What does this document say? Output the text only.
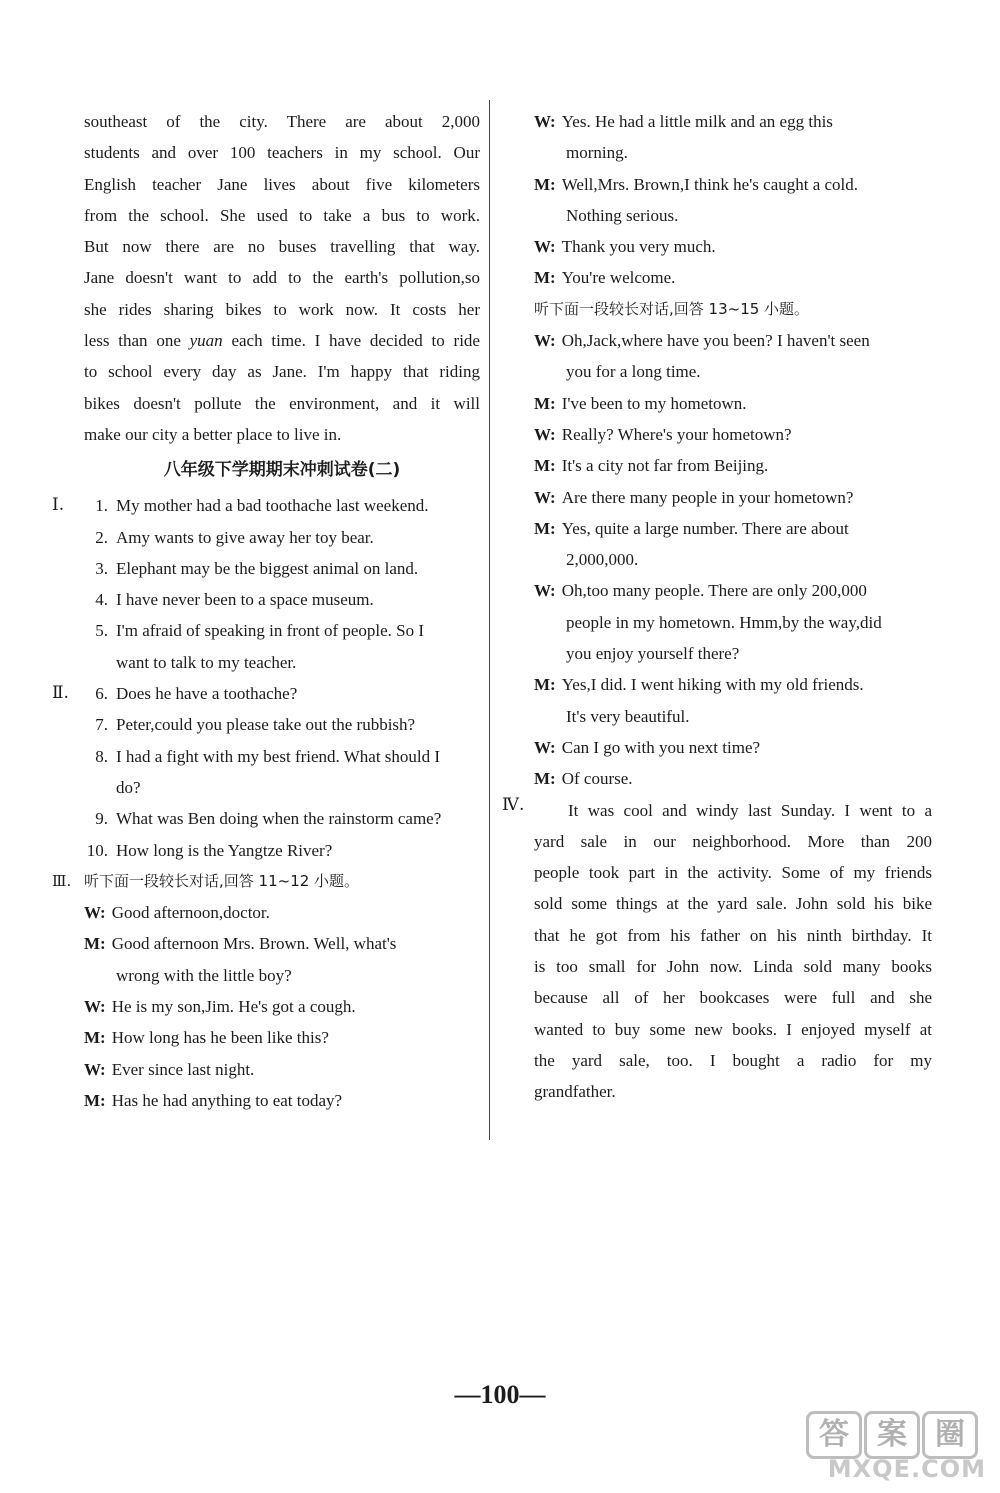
southeast of the city. There are about 2,000
students and over 100 teachers in my school. Our
English teacher Jane lives about five kilometers
from the school. She used to take a bus to work.
But now there are no buses travelling that way.
Jane doesn't want to add to the earth's pollution,so
she rides sharing bikes to work now. It costs her
less than one yuan each time. I have decided to ride
to school every day as Jane. I'm happy that riding
bikes doesn't pollute the environment, and it will
make our city a better place to live in.
八年级下学期期末冲刺试卷(二)
Ⅰ. 1. My mother had a bad toothache last weekend.
2. Amy wants to give away her toy bear.
3. Elephant may be the biggest animal on land.
4. I have never been to a space museum.
5. I'm afraid of speaking in front of people. So I
want to talk to my teacher.
Ⅱ. 6. Does he have a toothache?
7. Peter,could you please take out the rubbish?
8. I had a fight with my best friend. What should I
do?
9. What was Ben doing when the rainstorm came?
10. How long is the Yangtze River?
Ⅲ. 听下面一段较长对话,回答 11~12 小题。
W: Good afternoon,doctor.
M: Good afternoon Mrs. Brown. Well, what's
wrong with the little boy?
W: He is my son,Jim. He's got a cough.
M: How long has he been like this?
W: Ever since last night.
M: Has he had anything to eat today?
W: Yes. He had a little milk and an egg this
morning.
M: Well,Mrs. Brown,I think he's caught a cold.
Nothing serious.
W: Thank you very much.
M: You're welcome.
听下面一段较长对话,回答 13~15 小题。
W: Oh,Jack,where have you been? I haven't seen
you for a long time.
M: I've been to my hometown.
W: Really? Where's your hometown?
M: It's a city not far from Beijing.
W: Are there many people in your hometown?
M: Yes, quite a large number. There are about
2,000,000.
W: Oh,too many people. There are only 200,000
people in my hometown. Hmm,by the way,did
you enjoy yourself there?
M: Yes,I did. I went hiking with my old friends.
It's very beautiful.
W: Can I go with you next time?
M: Of course.
Ⅳ.	It was cool and windy last Sunday. I went to a
yard sale in our neighborhood. More than 200
people took part in the activity. Some of my friends
sold some things at the yard sale. John sold his bike
that he got from his father on his ninth birthday. It
is too small for John now. Linda sold many books
because all of her bookcases were full and she
wanted to buy some new books. I enjoyed myself at
the yard sale, too. I bought a radio for my
grandfather.
—100—
答 案 圈
MXQE.COM
